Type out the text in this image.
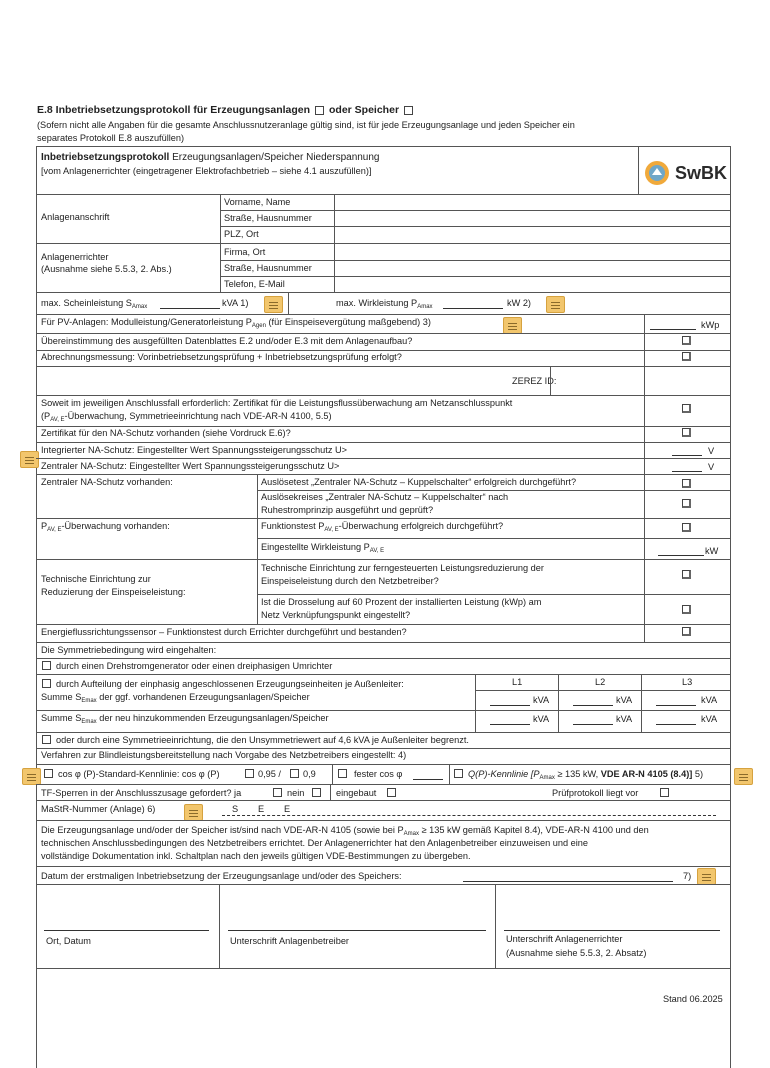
E.8 Inbetriebsetzungsprotokoll für Erzeugungsanlagen oder Speicher
(Sofern nicht alle Angaben für die gesamte Anschlussnutzeranlage gültig sind, ist für jede Erzeugungsanlage und jeden Speicher ein
separates Protokoll E.8 auszufüllen)
Inbetriebsetzungsprotokoll Erzeugungsanlagen/Speicher Niederspannung
[vom Anlagenerrichter (eingetragener Elektrofachbetrieb – siehe 4.1 auszufüllen)]	SwBK
Anlagenanschrift
Vorname, Name
Straße, Hausnummer
PLZ, Ort
Anlagenerrichter
(Ausnahme siehe 5.5.3, 2. Abs.)
Firma, Ort
Straße, Hausnummer
Telefon, E-Mail
max. Scheinleistung $S_{Amax}$	kVA 1)	max. Wirkleistung $P_{Amax}$	kW 2)
Für PV-Anlagen: Modulleistung/Generatorleistung $P_{Agen}$ (für Einspeisevergütung maßgebend) 3)	kWp
Übereinstimmung des ausgefüllten Datenblattes E.2 und/oder E.3 mit dem Anlagenaufbau?
Abrechnungsmessung: Vorinbetriebsetzungsprüfung + Inbetriebsetzungsprüfung erfolgt?
ZEREZ ID:
Soweit im jeweiligen Anschlussfall erforderlich: Zertifikat für die Leistungsflussüberwachung am Netzanschlusspunkt
($P_{AV, E}$-Überwachung, Symmetrieeinrichtung nach VDE-AR-N 4100, 5.5)
Zertifikat für den NA-Schutz vorhanden (siehe Vordruck E.6)?
Integrierter NA-Schutz: Eingestellter Wert Spannungssteigerungsschutz U>	V
Zentraler NA-Schutz: Eingestellter Wert Spannungssteigerungsschutz U>	V
Zentraler NA-Schutz vorhanden:	Auslösetest „Zentraler NA-Schutz – Kuppelschalter“ erfolgreich durchgeführt?
Auslösekreises „Zentraler NA-Schutz – Kuppelschalter“ nach
Ruhestromprinzip ausgeführt und geprüft?
$P_{AV, E}$-Überwachung vorhanden:	Funktionstest $P_{AV, E}$-Überwachung erfolgreich durchgeführt?
Eingestellte Wirkleistung $P_{AV, E}$	kW
Technische Einrichtung zur
Reduzierung der Einspeiseleistung:
Technische Einrichtung zur ferngesteuerten Leistungsreduzierung der
Einspeiseleistung durch den Netzbetreiber?
Ist die Drosselung auf 60 Prozent der installierten Leistung (kWp) am
Netz Verknüpfungspunkt eingestellt?
Energieflussrichtungssensor – Funktionstest durch Errichter durchgeführt und bestanden?
Die Symmetriebedingung wird eingehalten:
durch einen Drehstromgenerator oder einen dreiphasigen Umrichter
durch Aufteilung der einphasig angeschlossenen Erzeugungseinheiten je Außenleiter:
Summe $S_{Emax}$ der ggf. vorhandenen Erzeugungsanlagen/Speicher
L1	L2	L3
kVA	kVA	kVA
Summe $S_{Emax}$ der neu hinzukommenden Erzeugungsanlagen/Speicher	kVA	kVA	kVA
oder durch eine Symmetrieeinrichtung, die den Unsymmetriewert auf 4,6 kVA je Außenleiter begrenzt.
Verfahren zur Blindleistungsbereitstellung nach Vorgabe des Netzbetreibers eingestellt: 4)
cos φ (P)-Standard-Kennlinie: cos φ (P)	0,95 / 0,9	fester cos φ	Q(P)-Kennlinie [$P_{Amax} \ge 135$ kW, VDE AR-N 4105 (8.4)] 5)
TF-Sperren in der Anschlusszusage gefordert? ja	nein	eingebaut	Prüfprotokoll liegt vor
MaStR-Nummer (Anlage) 6)	S E E
Die Erzeugungsanlage und/oder der Speicher ist/sind nach VDE-AR-N 4105 (sowie bei $P_{Amax} \ge 135$ kW gemäß Kapitel 8.4), VDE-AR-N 4100 und den
technischen Anschlussbedingungen des Netzbetreibers errichtet. Der Anlagenerrichter hat den Anlagenbetreiber einzuweisen und eine
vollständige Dokumentation inkl. Schaltplan nach den jeweils gültigen VDE-Bestimmungen zu übergeben.
Datum der erstmaligen Inbetriebsetzung der Erzeugungsanlage und/oder des Speichers:	7)
Ort, Datum	Unterschrift Anlagenbetreiber	Unterschrift Anlagenerrichter
(Ausnahme siehe 5.5.3, 2. Absatz)
Stand 06.2025
